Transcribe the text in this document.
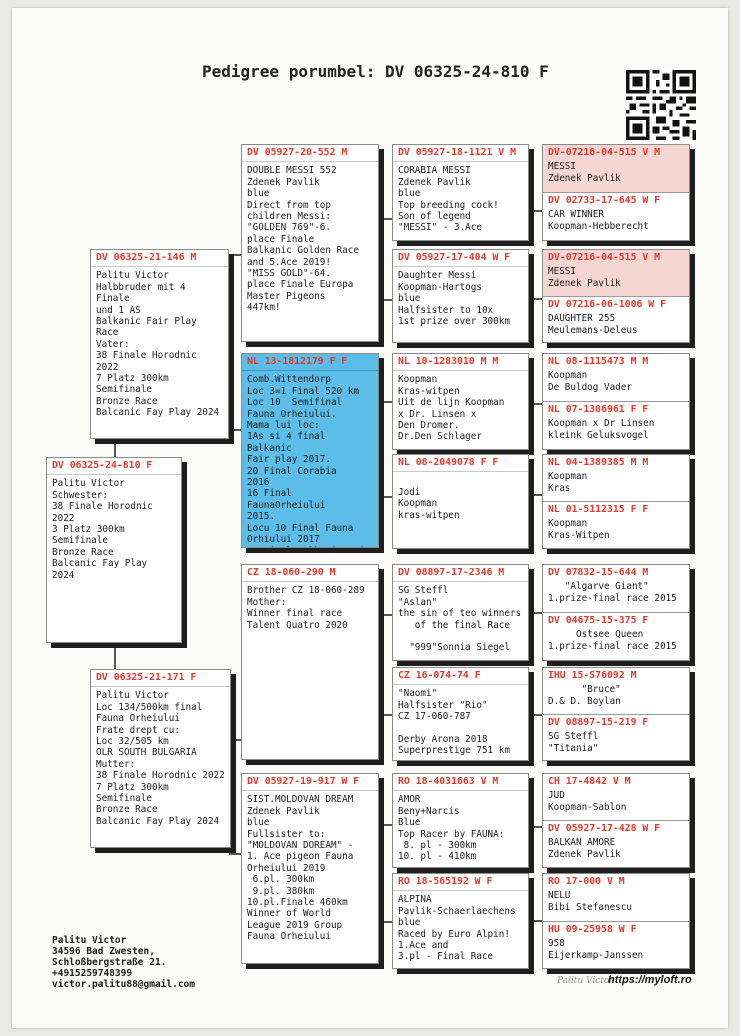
Pedigree porumbel: DV 06325-24-810 F
DV 06325-24-810 F
Palitu Victor
Schwester:
38 Finale Horodnic 2022
3 Platz 300km Semifinale
Bronze Race
Balcanic Fay Play
2024
DV 06325-21-146 M
Palitu Victor
Halbbruder mit 4 Finale
und 1 AS
Balkanic Fair Play Race
Vater:
38 Finale Horodnic 2022
7 Platz 300km Semifinale
Bronze Race
Balcanic Fay Play 2024
DV 06325-21-171 F
Palitu Victor
Loc 134/500km final
Fauna Orheiului
Frate drept cu:
Loc 32/505 km
OLR SOUTH BULGARIA
Mutter:
38 Finale Horodnic 2022
7 Platz 300km Semifinale
Bronze Race
Balcanic Fay Play 2024
DV 05927-20-552 M
DOUBLE MESSI 552
Zdenek Pavlik
blue
Direct from top
children Messi:
"GOLDEN 769"-6.
place Finale
Balkanic Golden Race
and 5.Ace 2019!
"MISS GOLD"-64.
place Finale Europa
Master Pigeons
447km!
NL 13-1812179 F F
Comb.Wittendorp
Loc 3=1 Final 520 km
Loc 10  Semifinal
Fauna Orheiului.
Mama lui loc:
1As si 4 final Balkanic
Fair play 2017.
20 Final Corabia   2016
16 Final FaunaOrheiului
2015.
Locu 10 Final Fauna
Orhiului 2017

CZ 18-060-290 M
Brother CZ 18-060-289
Mother:
Winner final race
Talent Quatro 2020
DV 05927-19-917 W F
SIST.MOLDOVAN DREAM
Zdenek Pavlik
blue
Fullsister to:
"MOLDOVAN DOREAM" -
1. Ace pigeon Fauna
Orheiului 2019
6.pl. 300km
9.pl. 380km
10.pl.Finale 460km
Winner of World
League 2019 Group
Fauna Orheiului
DV 05927-18-1121 V M
CORABIA MESSI
Zdenek Pavlik
blue
Top breeding cock!
Son of legend
"MESSI" - 3.Ace
DV 05927-17-404 W F
Daughter Messi
Koopman-Hartogs
blue
Halfsister to 10x
1st prize over 300km
NL 10-1283010 M M
Koopman
Kras-witpen
Uit de lijn Koopman
x Dr. Linsen x
Den Dromer.
Dr.Den Schlager
NL 08-2049078 F F

Jodi
Koopman
kras-witpen
DV 08897-17-2346 M
SG Steffl
"Aslan"
the sin of teo winners
of the final Race

"999"Sonnia Siegel
CZ 16-074-74 F
"Naomi"
Halfsister "Rio"
CZ 17-060-787

Derby Arona 2018
Superprestige 751 km
RO 18-4031663 V M
AMOR
Beny+Narcis
Blue
Top Racer by FAUNA:
8. pl - 300km
10. pl - 410km
RO 18-565192 W F
ALPINA
Pavlik-Schaerlaechens
blue
Raced by Euro Alpin!
1.Ace and
3.pl - Final Race
DV-07216-04-515 V M
MESSI
Zdenek Pavlik
DV 02733-17-645 W F
CAR WINNER
Koopman-Hebberecht
DV-07216-04-515 V M
MESSI
Zdenek Pavlik
DV 07216-06-1006 W F
DAUGHTER 255
Meulemans-Deleus
NL 08-1115473 M M
Koopman
De Buldog Vader
NL 07-1386961 F F
Koopman x Dr Linsen
kleink Geluksvogel
NL 04-1389385 M M
Koopman
Kras
NL 01-5112315 F F
Koopman
Kras-Witpen
DV 07832-15-644 M
"Algarve Giant"
1.prize-final race 2015
DV 04675-15-375 F
Ostsee Queen
1.prize-final race 2015
IHU 15-S76092 M
"Bruce"
D.& D. Boylan
DV 08897-15-219 F
SG Steffl
"Titania"
CH 17-4842 V M
JUD
Koopman-Sablon
DV 05927-17-428 W F
BALKAN AMORE
Zdenek Pavlik
RO 17-000 V M
NELU
Bibi Stefanescu
HU 09-25958 W F
958
Eijerkamp-Janssen
Palitu Victor
34596 Bad Zwesten,
Schloßbergstraße 21.
+4915259748399
victor.palitu88@gmail.com	Palitu Victor
https://myloft.ro
